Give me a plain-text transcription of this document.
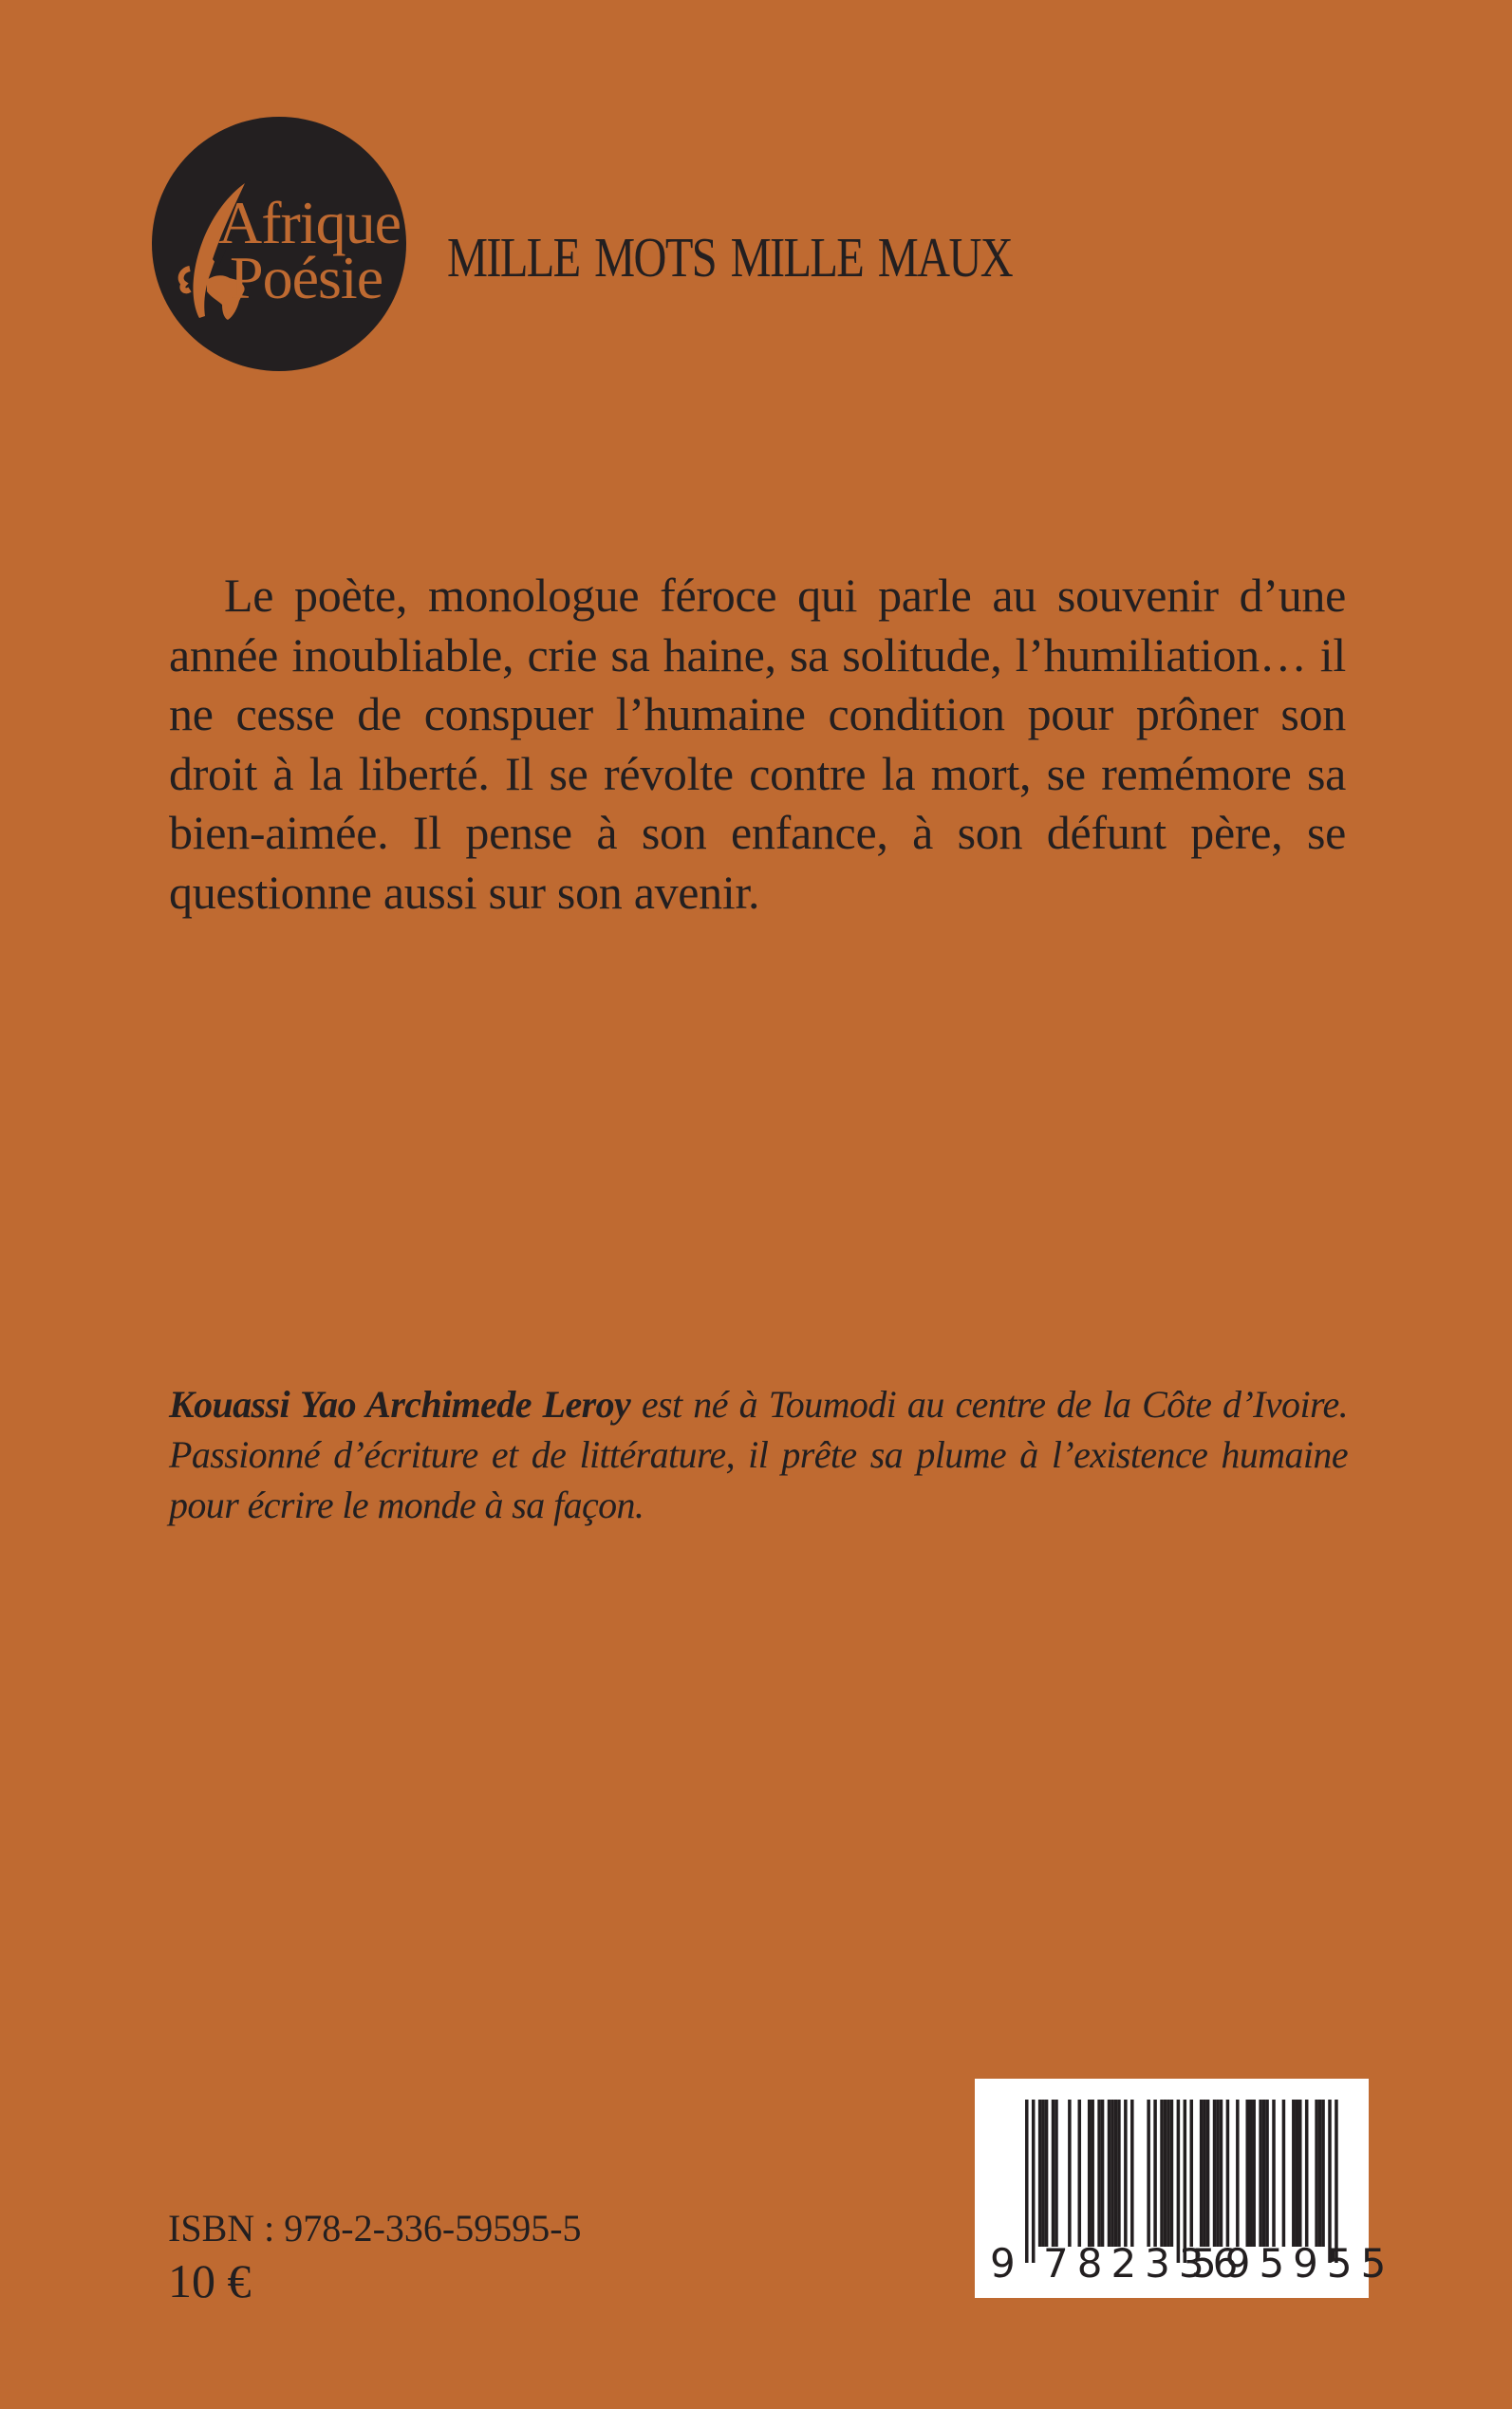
Afrique
Poésie mille mots mille maux
Le poète, monologue féroce qui parle au souvenir d’une année inoubliable, crie sa haine, sa solitude, l’humiliation… il ne cesse de conspuer l’humaine condition pour prôner son droit à la liberté. Il se révolte contre la mort, se remémore sa bien-aimée. Il pense à son enfance, à son défunt père, se questionne aussi sur son avenir.
Kouassi Yao Archimede Leroy est né à Toumodi au centre de la Côte d’Ivoire. Passionné d’écriture et de littérature, il prête sa plume à l’existence humaine pour écrire le monde à sa façon.
ISBN : 978-2-336-59595-5
10 €	9 782336
595955
